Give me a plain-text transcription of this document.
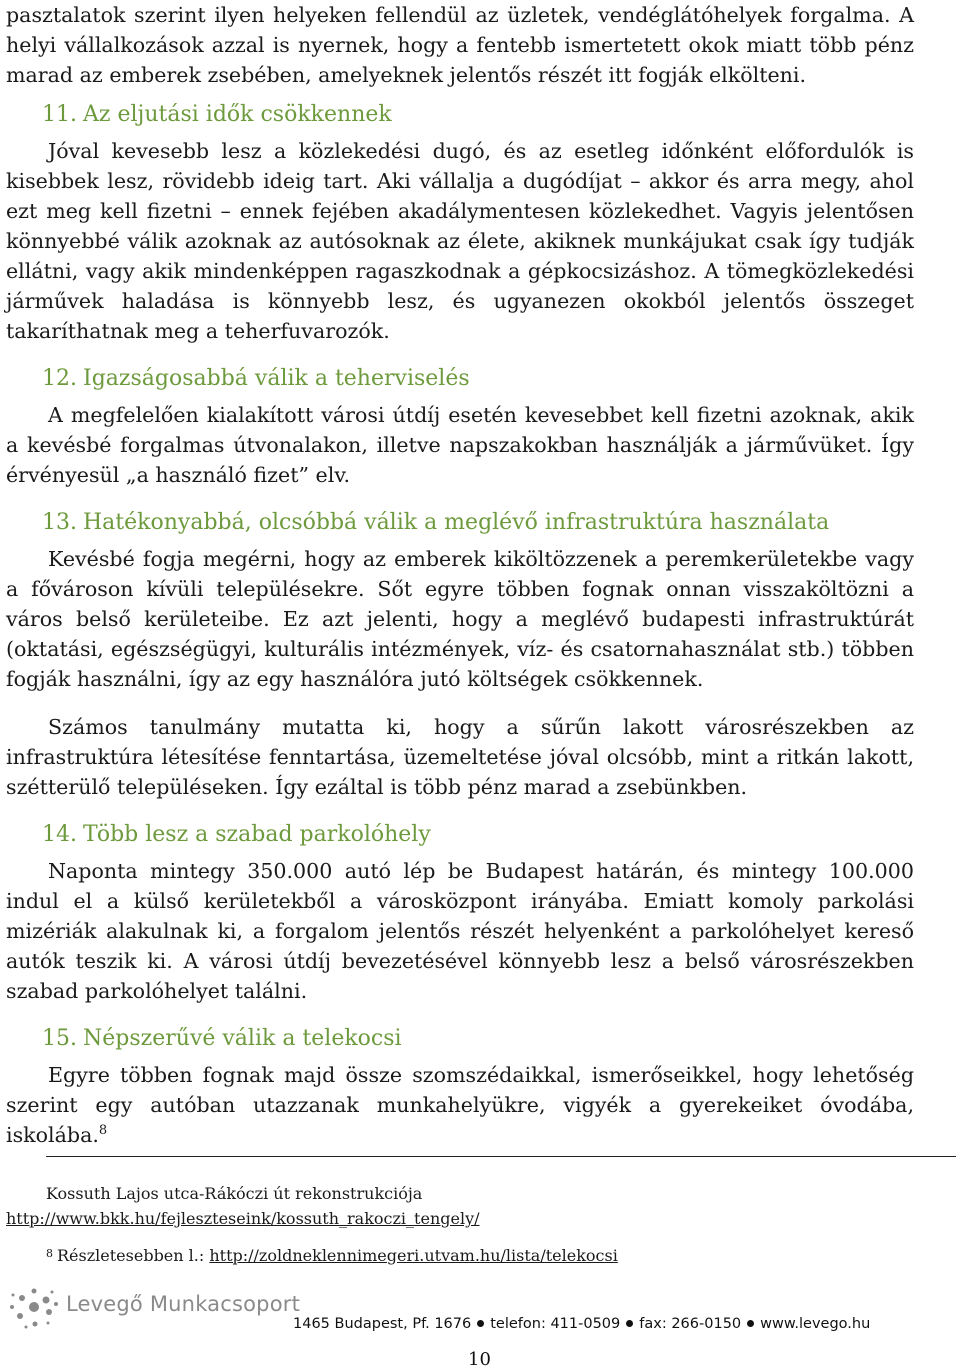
pasztalatok szerint ilyen helyeken fellendül az üzletek, vendéglátóhelyek forgalma. A helyi vállalkozások azzal is nyernek, hogy a fentebb ismertetett okok miatt több pénz marad az emberek zsebében, amelyeknek jelentős részét itt fogják elkölteni.

11. Az eljutási idők csökkennek

Jóval kevesebb lesz a közlekedési dugó, és az esetleg időnként előfordulók is kisebbek lesz, rövidebb ideig tart. Aki vállalja a dugódíjat – akkor és arra megy, ahol ezt meg kell fizetni – ennek fejében akadálymentesen közlekedhet. Vagyis jelentősen könnyebbé válik azoknak az autósoknak az élete, akiknek munkájukat csak így tudják ellátni, vagy akik mindenképpen ragaszkodnak a gépkocsizáshoz. A tömegközlekedési járművek haladása is könnyebb lesz, és ugyanezen okokból jelentős összeget takaríthatnak meg a teherfuvarozók.

12. Igazságosabbá válik a teherviselés

A megfelelően kialakított városi útdíj esetén kevesebbet kell fizetni azoknak, akik a kevésbé forgalmas útvonalakon, illetve napszakokban használják a járművüket. Így érvényesül „a használó fizet” elv.

13. Hatékonyabbá, olcsóbbá válik a meglévő infrastruktúra használata

Kevésbé fogja megérni, hogy az emberek kiköltözzenek a peremkerületekbe vagy a fővároson kívüli településekre. Sőt egyre többen fognak onnan visszaköltözni a város belső kerületeibe. Ez azt jelenti, hogy a meglévő budapesti infrastruktúrát (oktatási, egészségügyi, kulturális intézmények, víz- és csatornahasználat stb.) többen fogják használni, így az egy használóra jutó költségek csökkennek.

Számos tanulmány mutatta ki, hogy a sűrűn lakott városrészekben az infrastruktúra létesítése fenntartása, üzemeltetése jóval olcsóbb, mint a ritkán lakott, szétterülő településeken. Így ezáltal is több pénz marad a zsebünkben.

14. Több lesz a szabad parkolóhely

Naponta mintegy 350.000 autó lép be Budapest határán, és mintegy 100.000 indul el a külső kerületekből a városközpont irányába. Emiatt komoly parkolási mizériák alakulnak ki, a forgalom jelentős részét helyenként a parkolóhelyet kereső autók teszik ki. A városi útdíj bevezetésével könnyebb lesz a belső városrészekben szabad parkolóhelyet találni.

15. Népszerűvé válik a telekocsi

Egyre többen fognak majd össze szomszédaikkal, ismerőseikkel, hogy lehetőség szerint egy autóban utazzanak munkahelyükre, vigyék a gyerekeiket óvodába, iskolába.$^8$

Kossuth Lajos utca-Rákóczi út rekonstrukciója
http://www.bkk.hu/fejleszteseink/kossuth_rakoczi_tengely/
$^8$ Részletesebben l.: http://zoldneklennimegeri.utvam.hu/lista/telekocsi
Levegő Munkacsoport
1465 Budapest, Pf. 1676 telefon: 411-0509 fax: 266-0150 www.levego.hu
10
